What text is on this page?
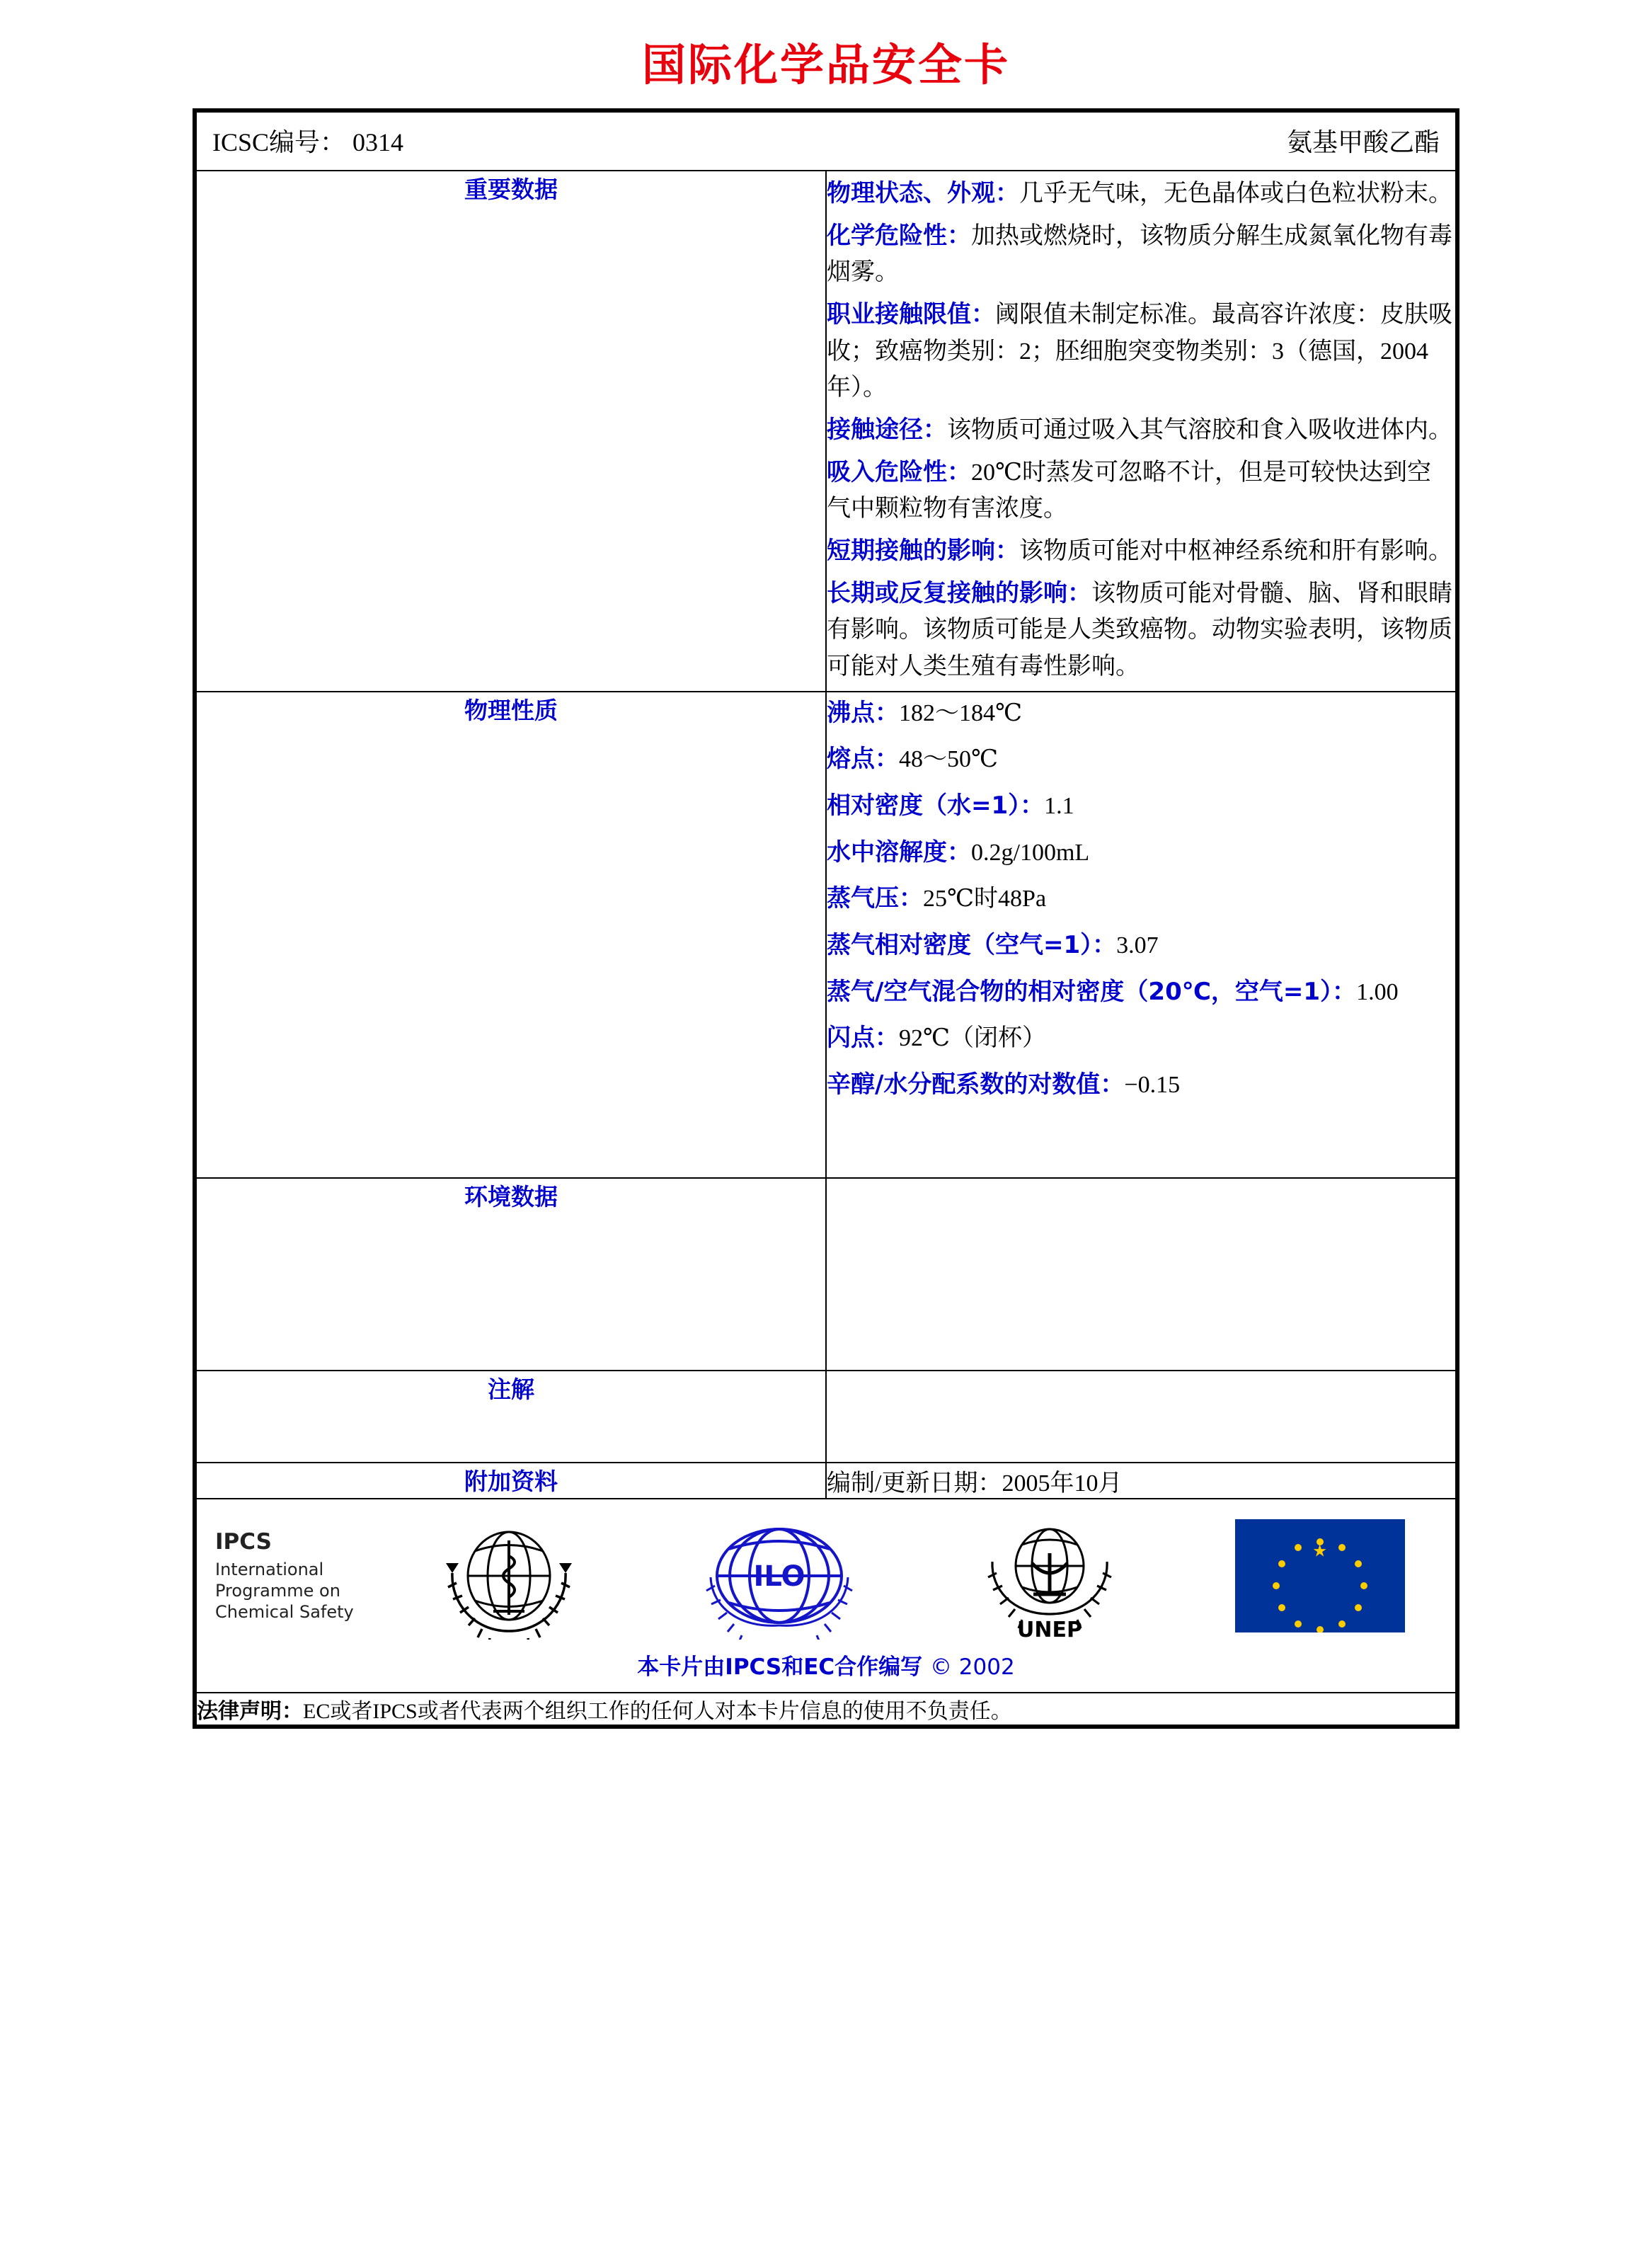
国际化学品安全卡
ICSC编号： 0314 氨基甲酸乙酯	

重要数据	物理状态、外观：几乎无气味，无色晶体或白色粒状粉末。
化学危险性：加热或燃烧时，该物质分解生成氮氧化物有毒烟雾。
职业接触限值：阈限值未制定标准。最高容许浓度：皮肤吸收；致癌物类别：2；胚细胞突变物类别：3（德国，2004年）。
接触途径：该物质可通过吸入其气溶胶和食入吸收进体内。
吸入危险性：20℃时蒸发可忽略不计，但是可较快达到空气中颗粒物有害浓度。
短期接触的影响：该物质可能对中枢神经系统和肝有影响。
长期或反复接触的影响：该物质可能对骨髓、脑、肾和眼睛有影响。该物质可能是人类致癌物。动物实验表明，该物质可能对人类生殖有毒性影响。

物理性质	沸点：182～184℃
熔点：48～50℃
相对密度（水=1）：1.1
水中溶解度：0.2g/100mL
蒸气压：25℃时48Pa
蒸气相对密度（空气=1）：3.07
蒸气/空气混合物的相对密度（20℃，空气=1）：1.00
闪点：92℃（闭杯）
辛醇/水分配系数的对数值：−0.15

环境数据	
注解	
附加资料	编制/更新日期：2005年10月

IPCS
International
Programme on
Chemical Safety
ILO
UNEP
本卡片由IPCS和EC合作编写 © 2002

法律声明：EC或者IPCS或者代表两个组织工作的任何人对本卡片信息的使用不负责任。	
